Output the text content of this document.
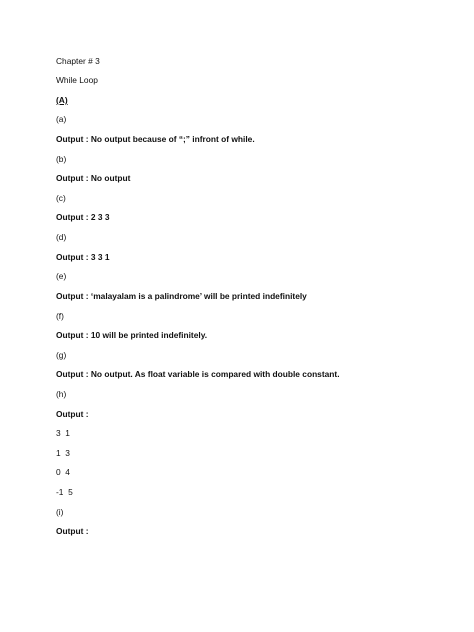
Chapter # 3

While Loop

(A)

(a)

Output : No output because of “;” infront of while.

(b)

Output : No output

(c)

Output : 2 3 3

(d)

Output : 3 3 1

(e)

Output : ‘malayalam is a palindrome’ will be printed indefinitely

(f)

Output : 10 will be printed indefinitely.

(g)

Output : No output. As float variable is compared with double constant.

(h)

Output :

3  1

1  3

0  4

-1  5

(i)

Output :
